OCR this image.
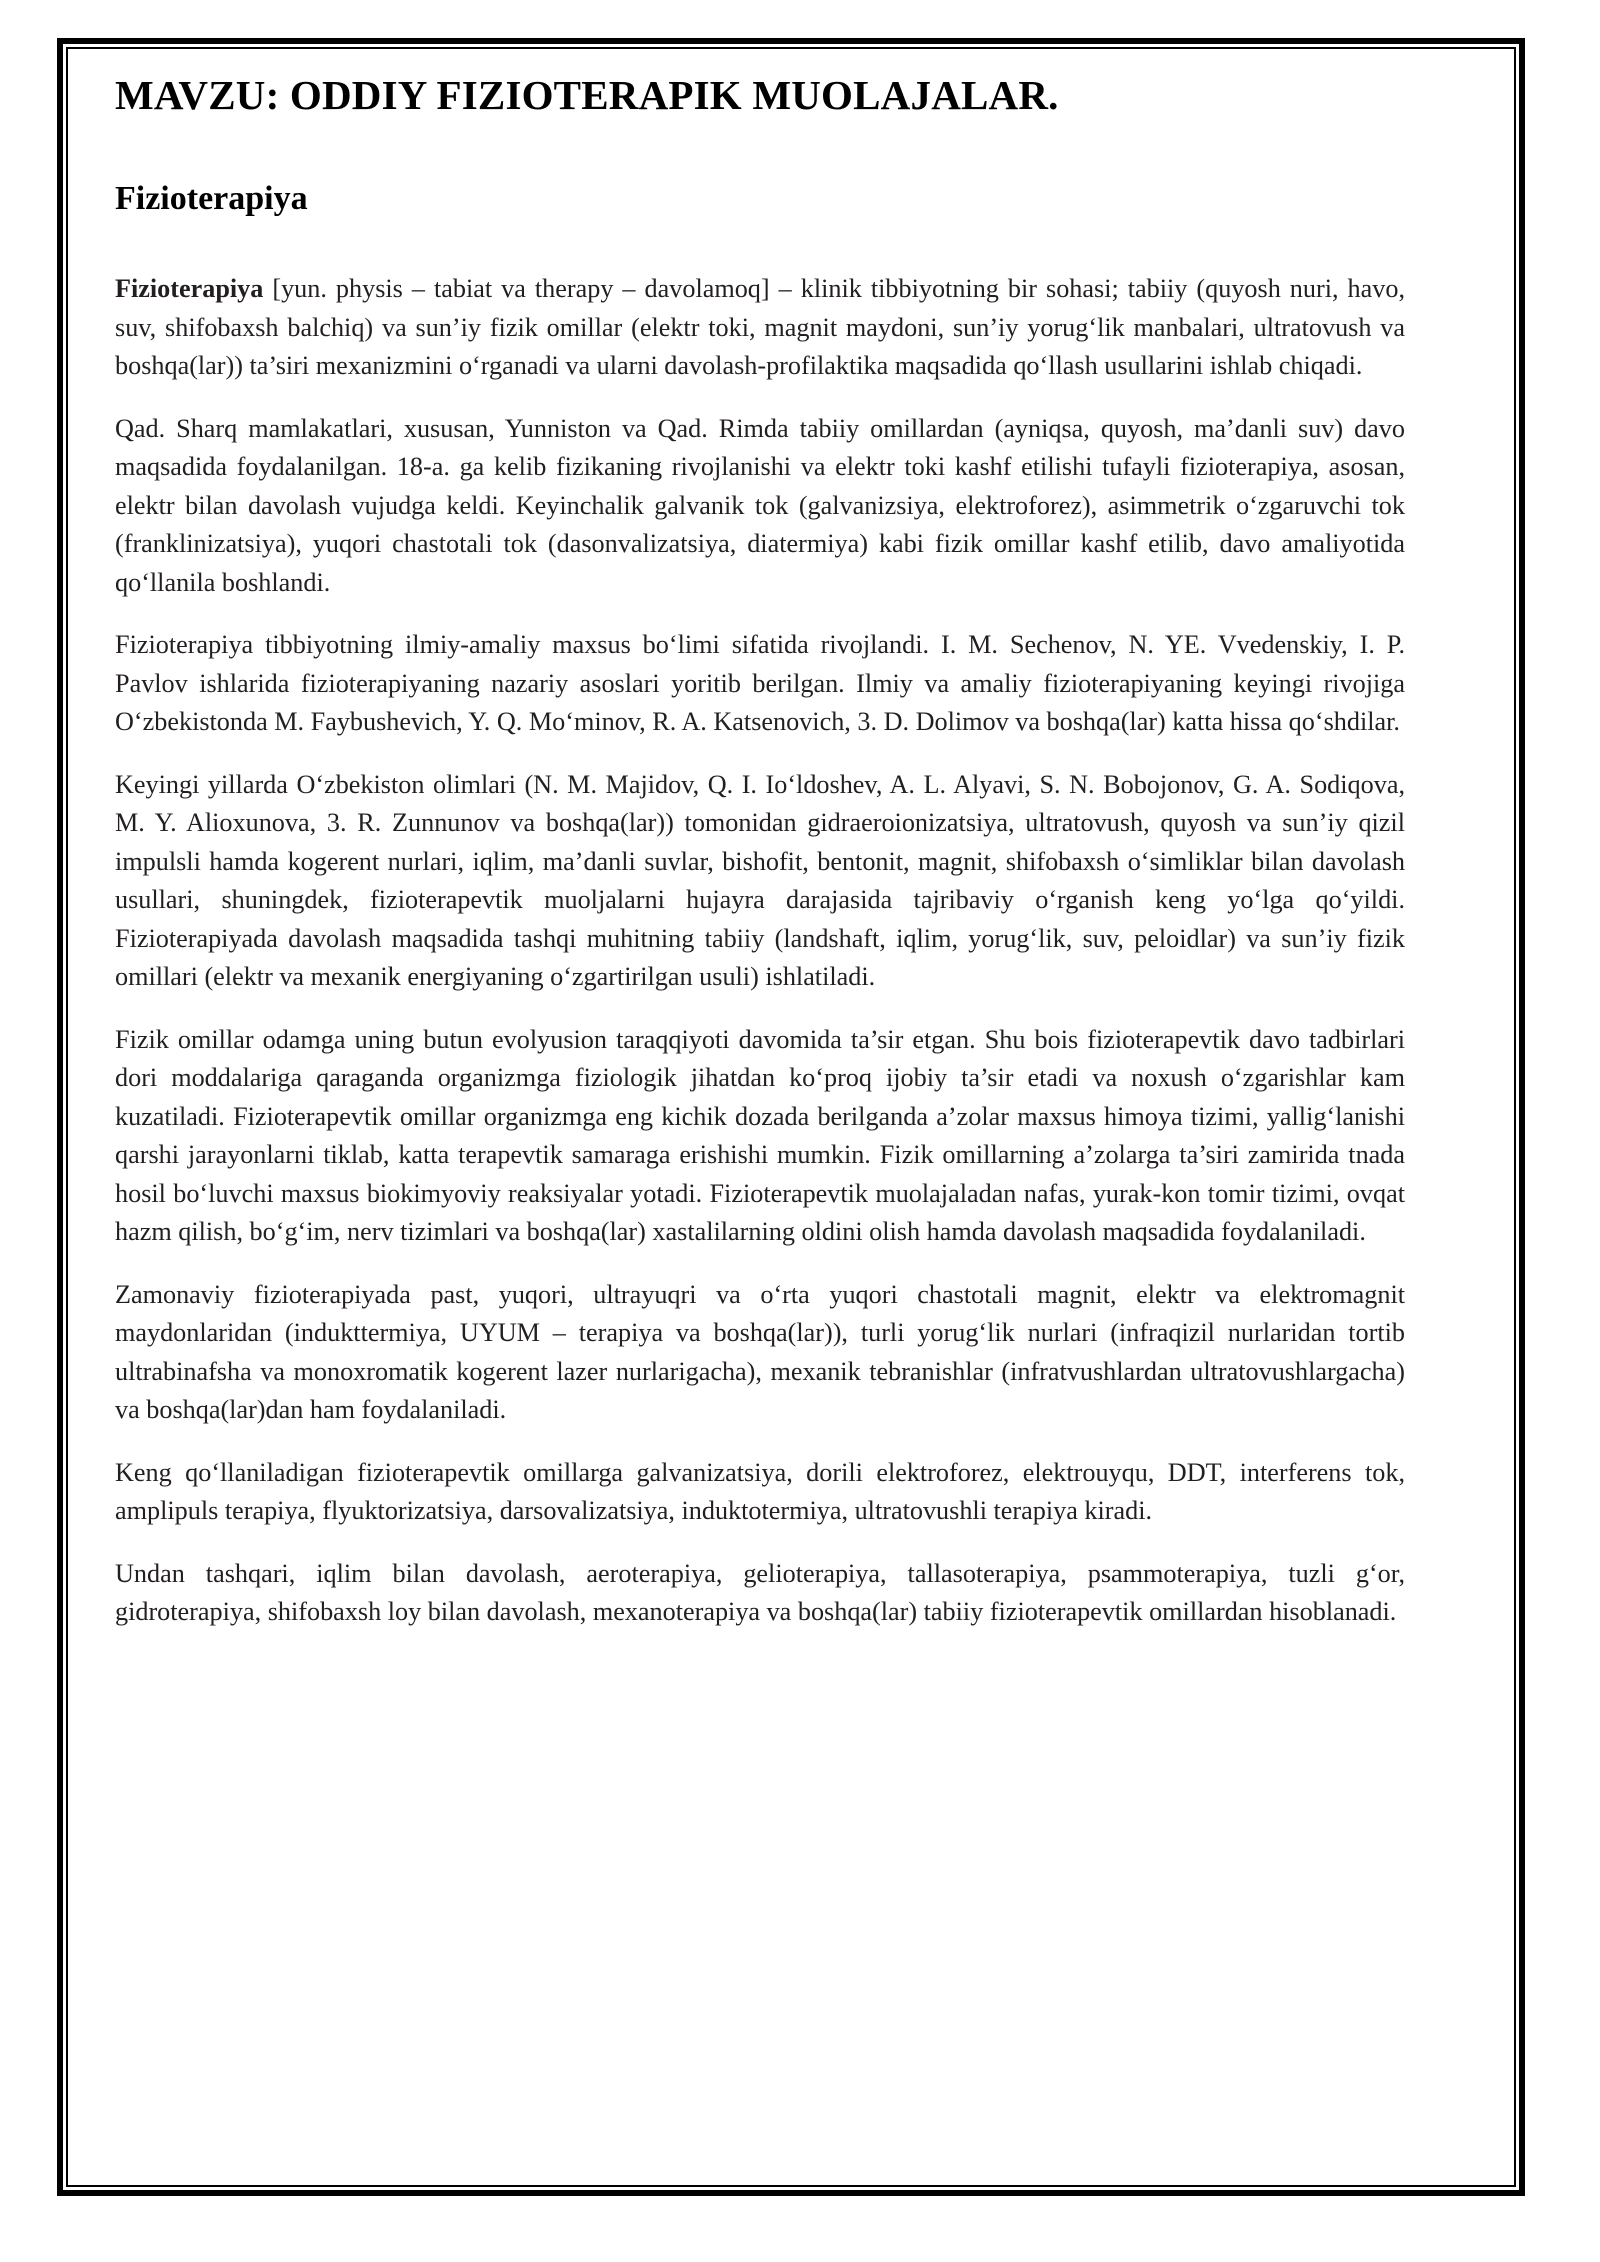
MAVZU: ODDIY FIZIOTERAPIK MUOLAJALAR.
Fizioterapiya

Fizioterapiya [yun. physis – tabiat va therapy – davolamoq] – klinik tibbiyotning bir sohasi; tabiiy (quyosh nuri, havo, suv, shifobaxsh balchiq) va sun’iy fizik omillar (elektr toki, magnit maydoni, sun’iy yorug‘lik manbalari, ultratovush va boshqa(lar)) ta’siri mexanizmini o‘rganadi va ularni davolash-profilaktika maqsadida qo‘llash usullarini ishlab chiqadi.

Qad. Sharq mamlakatlari, xususan, Yunniston va Qad. Rimda tabiiy omillardan (ayniqsa, quyosh, ma’danli suv) davo maqsadida foydalanilgan. 18-a. ga kelib fizikaning rivojlanishi va elektr toki kashf etilishi tufayli fizioterapiya, asosan, elektr bilan davolash vujudga keldi. Keyinchalik galvanik tok (galvanizsiya, elektroforez), asimmetrik o‘zgaruvchi tok (franklinizatsiya), yuqori chastotali tok (dasonvalizatsiya, diatermiya) kabi fizik omillar kashf etilib, davo amaliyotida qo‘llanila boshlandi.

Fizioterapiya tibbiyotning ilmiy-amaliy maxsus bo‘limi sifatida rivojlandi. I. M. Sechenov, N. YE. Vvedenskiy, I. P. Pavlov ishlarida fizioterapiyaning nazariy asoslari yoritib berilgan. Ilmiy va amaliy fizioterapiyaning keyingi rivojiga O‘zbekistonda M. Faybushevich, Y. Q. Mo‘minov, R. A. Katsenovich, 3. D. Dolimov va boshqa(lar) katta hissa qo‘shdilar.

Keyingi yillarda O‘zbekiston olimlari (N. M. Majidov, Q. I. Io‘ldoshev, A. L. Alyavi, S. N. Bobojonov, G. A. Sodiqova, M. Y. Alioxunova, 3. R. Zunnunov va boshqa(lar)) tomonidan gidraeroionizatsiya, ultratovush, quyosh va sun’iy qizil impulsli hamda kogerent nurlari, iqlim, ma’danli suvlar, bishofit, bentonit, magnit, shifobaxsh o‘simliklar bilan davolash usullari, shuningdek, fizioterapevtik muoljalarni hujayra darajasida tajribaviy o‘rganish keng yo‘lga qo‘yildi. Fizioterapiyada davolash maqsadida tashqi muhitning tabiiy (landshaft, iqlim, yorug‘lik, suv, peloidlar) va sun’iy fizik omillari (elektr va mexanik energiyaning o‘zgartirilgan usuli) ishlatiladi.

Fizik omillar odamga uning butun evolyusion taraqqiyoti davomida ta’sir etgan. Shu bois fizioterapevtik davo tadbirlari dori moddalariga qaraganda organizmga fiziologik jihatdan ko‘proq ijobiy ta’sir etadi va noxush o‘zgarishlar kam kuzatiladi. Fizioterapevtik omillar organizmga eng kichik dozada berilganda a’zolar maxsus himoya tizimi, yallig‘lanishi qarshi jarayonlarni tiklab, katta terapevtik samaraga erishishi mumkin. Fizik omillarning a’zolarga ta’siri zamirida tnada hosil bo‘luvchi maxsus biokimyoviy reaksiyalar yotadi. Fizioterapevtik muolajaladan nafas, yurak-kon tomir tizimi, ovqat hazm qilish, bo‘g‘im, nerv tizimlari va boshqa(lar) xastalilarning oldini olish hamda davolash maqsadida foydalaniladi.

Zamonaviy fizioterapiyada past, yuqori, ultrayuqri va o‘rta yuqori chastotali magnit, elektr va elektromagnit maydonlaridan (indukttermiya, UYUM – terapiya va boshqa(lar)), turli yorug‘lik nurlari (infraqizil nurlaridan tortib ultrabinafsha va monoxromatik kogerent lazer nurlarigacha), mexanik tebranishlar (infratvushlardan ultratovushlargacha) va boshqa(lar)dan ham foydalaniladi.

Keng qo‘llaniladigan fizioterapevtik omillarga galvanizatsiya, dorili elektroforez, elektrouyqu, DDT, interferens tok, amplipuls terapiya, flyuktorizatsiya, darsovalizatsiya, induktotermiya, ultratovushli terapiya kiradi.

Undan tashqari, iqlim bilan davolash, aeroterapiya, gelioterapiya, tallasoterapiya, psammoterapiya, tuzli g‘or, gidroterapiya, shifobaxsh loy bilan davolash, mexanoterapiya va boshqa(lar) tabiiy fizioterapevtik omillardan hisoblanadi.
